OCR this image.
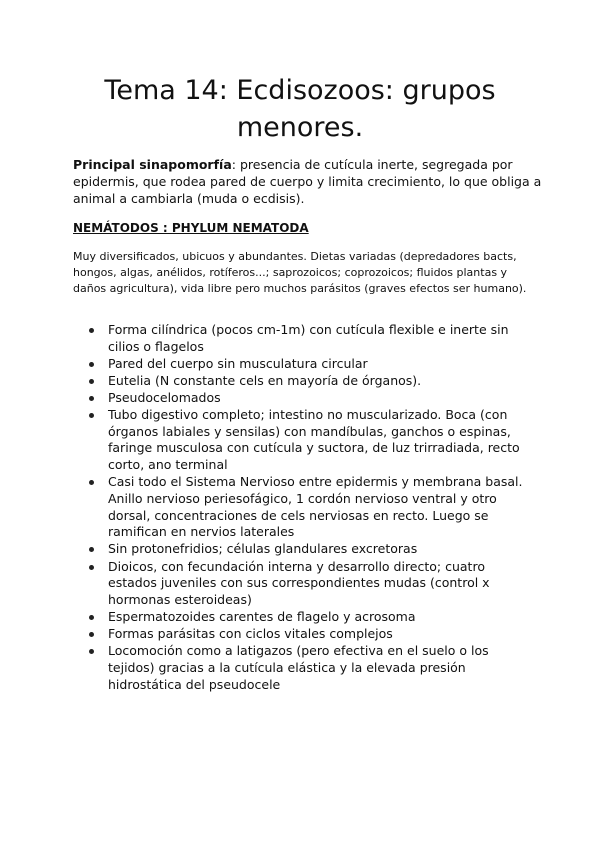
Tema 14: Ecdisozoos: grupos menores.

Principal sinapomorfía: presencia de cutícula inerte, segregada por epidermis, que rodea pared de cuerpo y limita crecimiento, lo que obliga a animal a cambiarla (muda o ecdisis).

NEMÁTODOS : PHYLUM NEMATODA

Muy diversificados, ubicuos y abundantes. Dietas variadas (depredadores bacts, hongos, algas, anélidos, rotíferos...; saprozoicos; coprozoicos; fluidos plantas y daños agricultura), vida libre pero muchos parásitos (graves efectos ser humano).

Forma cilíndrica (pocos cm-1m) con cutícula flexible e inerte sin cilios o flagelos
Pared del cuerpo sin musculatura circular
Eutelia (N constante cels en mayoría de órganos).
Pseudocelomados
Tubo digestivo completo; intestino no muscularizado. Boca (con órganos labiales y sensilas) con mandíbulas, ganchos o espinas, faringe musculosa con cutícula y suctora, de luz trirradiada, recto corto, ano terminal
Casi todo el Sistema Nervioso entre epidermis y membrana basal. Anillo nervioso periesofágico, 1 cordón nervioso ventral y otro dorsal, concentraciones de cels nerviosas en recto. Luego se ramifican en nervios laterales
Sin protonefridios; células glandulares excretoras
Dioicos, con fecundación interna y desarrollo directo; cuatro estados juveniles con sus correspondientes mudas (control x hormonas esteroideas)
Espermatozoides carentes de flagelo y acrosoma
Formas parásitas con ciclos vitales complejos
Locomoción como a latigazos (pero efectiva en el suelo o los tejidos) gracias a la cutícula elástica y la elevada presión hidrostática del pseudocele
